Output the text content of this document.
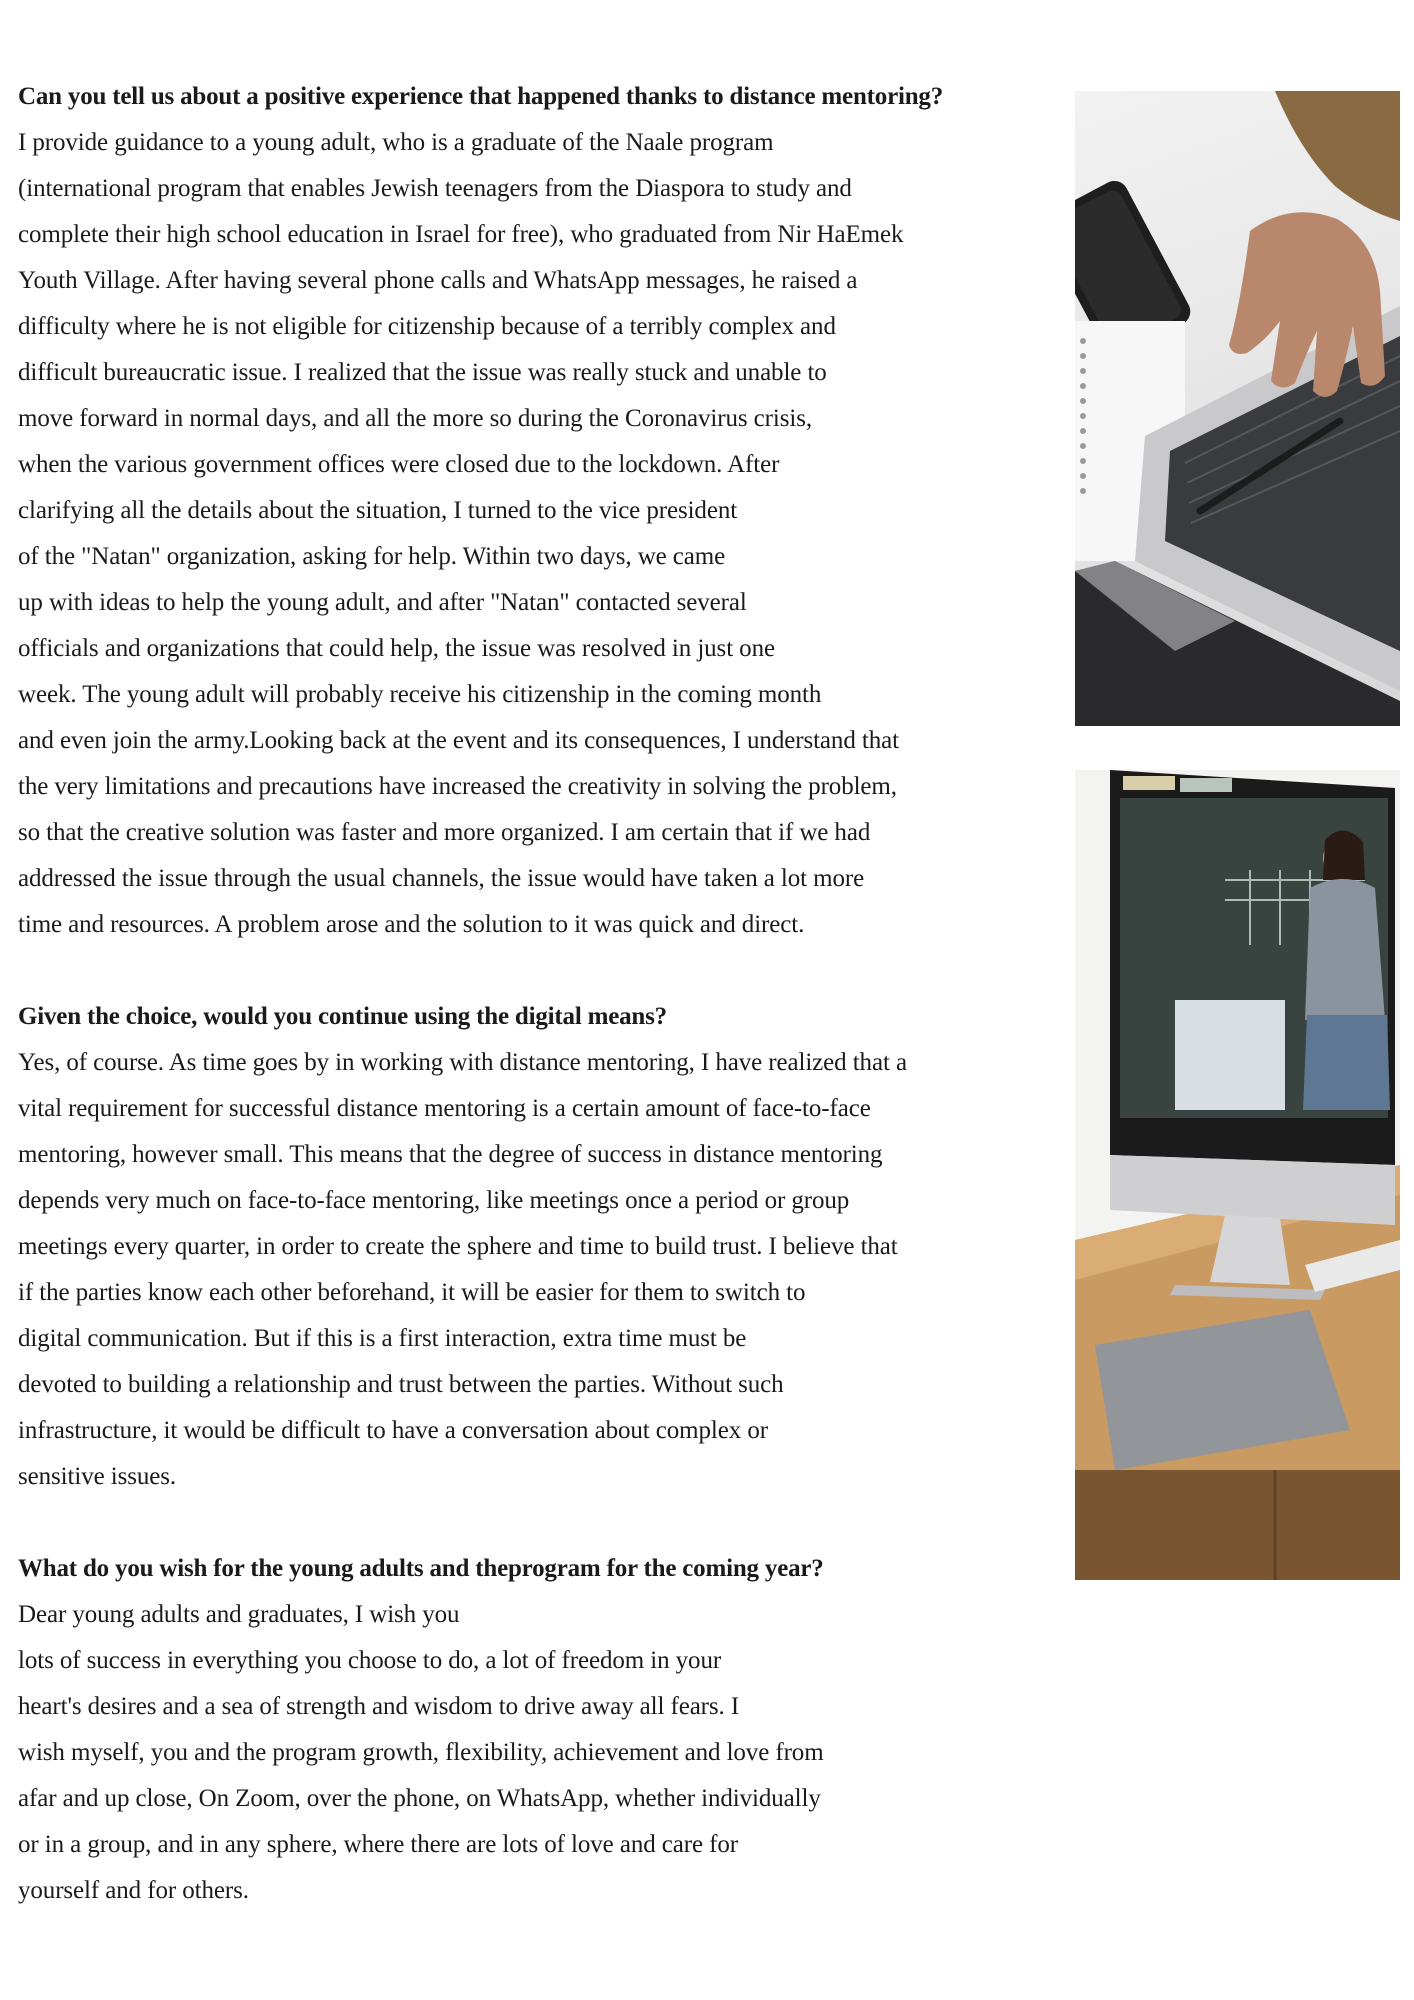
Can you tell us about a positive experience that happened thanks to distance mentoring?

I provide guidance to a young adult, who is a graduate of the Naale program

(international program that enables Jewish teenagers from the Diaspora to study and

complete their high school education in Israel for free), who graduated from Nir HaEmek

Youth Village. After having several phone calls and WhatsApp messages, he raised a

difficulty where he is not eligible for citizenship because of a terribly complex and

difficult bureaucratic issue. I realized that the issue was really stuck and unable to

move forward in normal days, and all the more so during the Coronavirus crisis,

when the various government offices were closed due to the lockdown. After

clarifying all the details about the situation, I turned to the vice president

of the "Natan" organization, asking for help. Within two days, we came

up with ideas to help the young adult, and after "Natan" contacted several

officials and organizations that could help, the issue was resolved in just one

week. The young adult will probably receive his citizenship in the coming month

and even join the army.Looking back at the event and its consequences, I understand that

the very limitations and precautions have increased the creativity in solving the problem,

so that the creative solution was faster and more organized. I am certain that if we had

addressed the issue through the usual channels, the issue would have taken a lot more

time and resources. A problem arose and the solution to it was quick and direct.

Given the choice, would you continue using the digital means?

Yes, of course. As time goes by in working with distance mentoring, I have realized that a

vital requirement for successful distance mentoring is a certain amount of face-to-face

mentoring, however small. This means that the degree of success in distance mentoring

depends very much on face-to-face mentoring, like meetings once a period or group

meetings every quarter, in order to create the sphere and time to build trust. I believe that

if the parties know each other beforehand, it will be easier for them to switch to

digital communication. But if this is a first interaction, extra time must be

devoted to building a relationship and trust between the parties. Without such

infrastructure, it would be difficult to have a conversation about complex or

sensitive issues.

What do you wish for the young adults and theprogram for the coming year?

Dear young adults and graduates, I wish you

lots of success in everything you choose to do, a lot of freedom in your

heart's desires and a sea of strength and wisdom to drive away all fears. I

wish myself, you and the program growth, flexibility, achievement and love from

afar and up close, On Zoom, over the phone, on WhatsApp, whether individually

or in a group, and in any sphere, where there are lots of love and care for

yourself and for others.
